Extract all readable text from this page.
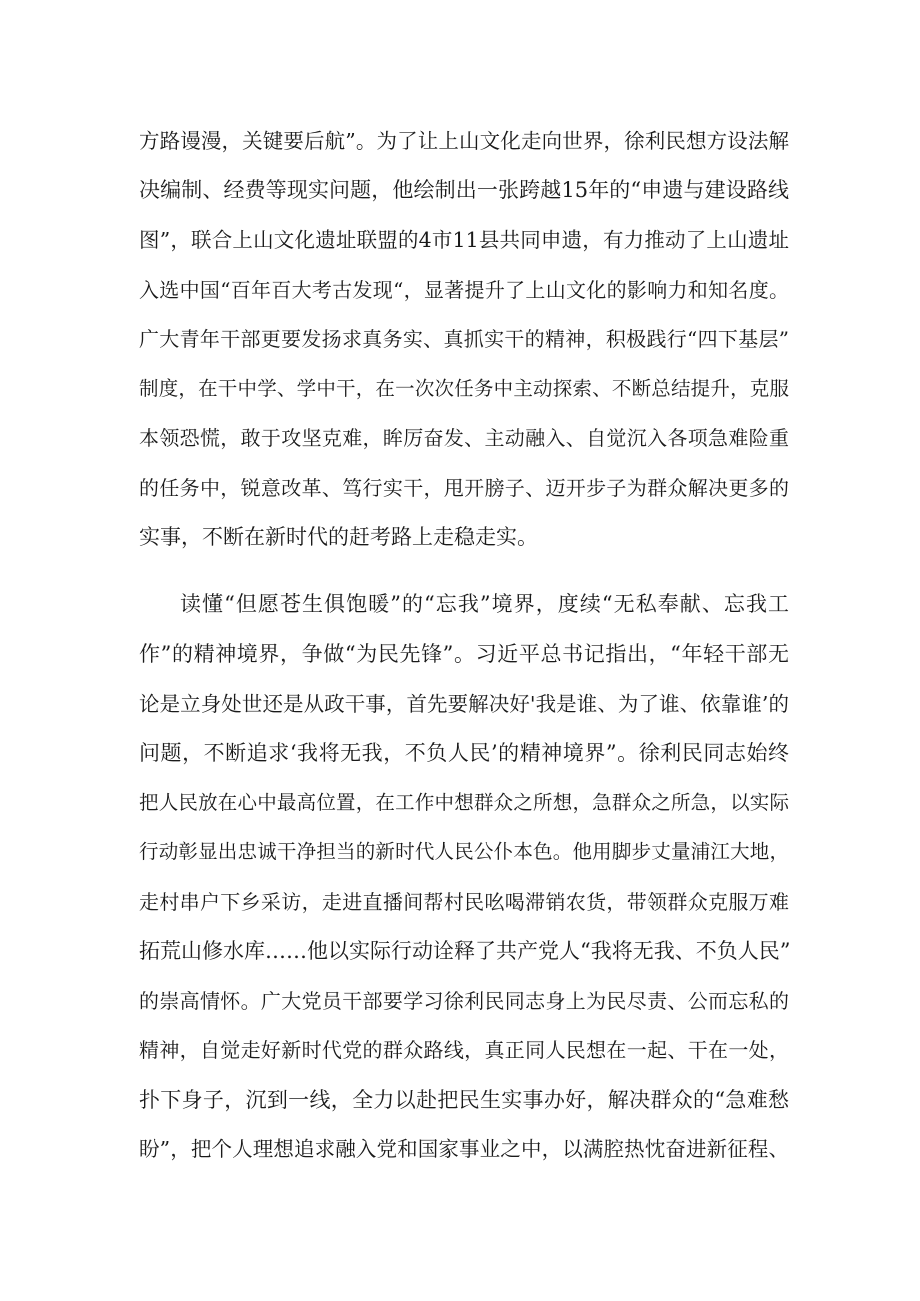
方路谩漫，关键要后航”。为了让上山文化走向世界，徐利民想方设法解
决编制、经费等现实问题，他绘制出一张跨越15年的“申遗与建设路线
图”，联合上山文化遗址联盟的4市11县共同申遗，有力推动了上山遗址
入选中国“百年百大考古发现“，显著提升了上山文化的影响力和知名度。
广大青年干部更要发扬求真务实、真抓实干的精神，积极践行“四下基层”
制度，在干中学、学中干，在一次次任务中主动探索、不断总结提升，克服
本领恐慌，敢于攻坚克难，眸厉奋发、主动融入、自觉沉入各项急难险重
的任务中，锐意改革、笃行实干，甩开膀子、迈开步子为群众解决更多的
实事，不断在新时代的赶考路上走稳走实。
读懂“但愿苍生俱饱暖”的“忘我”境界，度续“无私奉献、忘我工
作”的精神境界，争做“为民先锋”。习近平总书记指出，“年轻干部无
论是立身处世还是从政干事，首先要解决好'我是谁、为了谁、依靠谁’的
问题，不断追求‘我将无我，不负人民’的精神境界”。徐利民同志始终
把人民放在心中最高位置，在工作中想群众之所想，急群众之所急，以实际
行动彰显出忠诚干净担当的新时代人民公仆本色。他用脚步丈量浦江大地，
走村串户下乡采访，走进直播间帮村民吆喝滞销农货，带领群众克服万难
拓荒山修水库……他以实际行动诠释了共产党人“我将无我、不负人民”
的崇高情怀。广大党员干部要学习徐利民同志身上为民尽责、公而忘私的
精神，自觉走好新时代党的群众路线，真正同人民想在一起、干在一处，
扑下身子，沉到一线，全力以赴把民生实事办好，解决群众的“急难愁
盼”，把个人理想追求融入党和国家事业之中，以满腔热忱奋进新征程、
